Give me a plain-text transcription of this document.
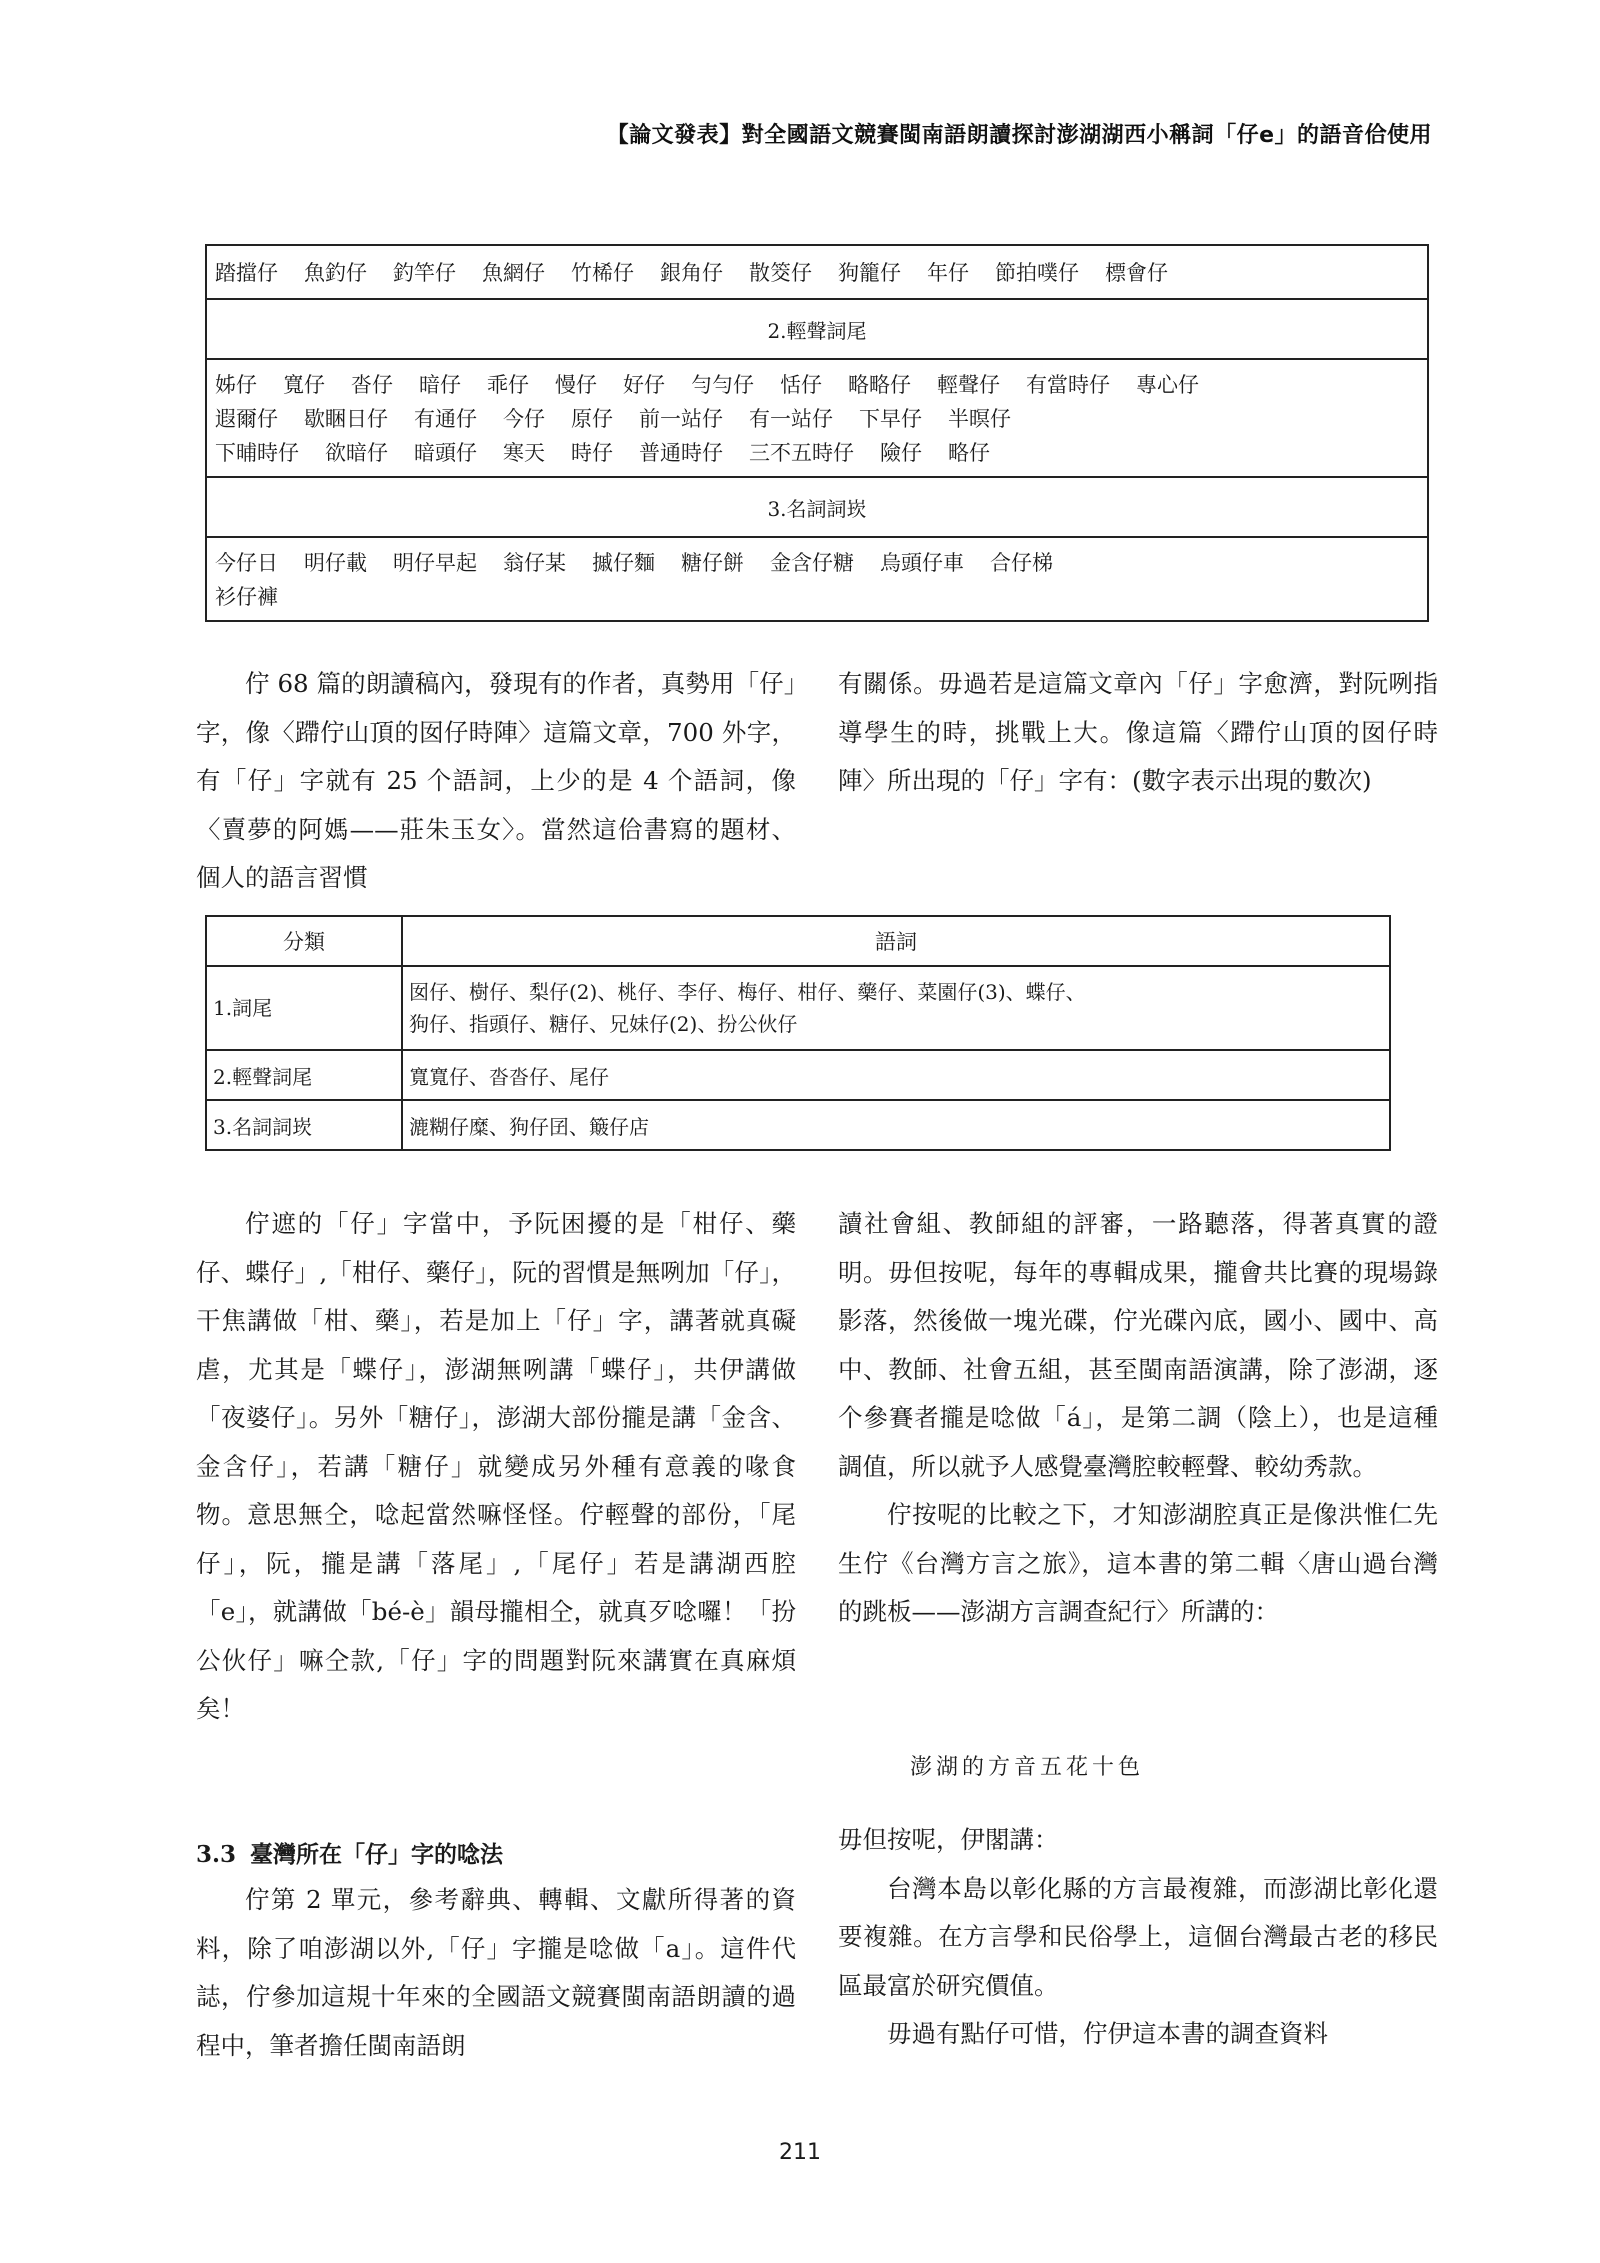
【論文發表】對全國語文競賽閩南語朗讀探討澎湖湖西小稱詞「仔e」的語音佮使用
踏擋仔 魚釣仔 釣竿仔 魚網仔 竹桸仔 銀角仔 散筊仔 狗籠仔 年仔 節拍噗仔 標會仔

2.輕聲詞尾

姊仔 寬仔 沓仔 暗仔 乖仔 慢仔 好仔 勻勻仔 恬仔 略略仔 輕聲仔 有當時仔 專心仔
遐爾仔 歇睏日仔 有通仔 今仔 原仔 前一站仔 有一站仔 下早仔 半暝仔
下晡時仔 欲暗仔 暗頭仔 寒天 時仔 普通時仔 三不五時仔 險仔 略仔

3.名詞詞崁

今仔日 明仔載 明仔早起 翁仔某 摵仔麵 糖仔餅 金含仔糖 烏頭仔車 合仔梯
衫仔褲

佇 68 篇的朗讀稿內，發現有的作者，真勢用「仔」字，像〈蹛佇山頂的囡仔時陣〉這篇文章，700 外字，有「仔」字就有 25 个語詞，上少的是 4 个語詞，像〈賣夢的阿媽——莊朱玉女〉。當然這佮書寫的題材、個人的語言習慣

有關係。毋過若是這篇文章內「仔」字愈濟，對阮咧指導學生的時，挑戰上大。像這篇〈蹛佇山頂的囡仔時陣〉所出現的「仔」字有：(數字表示出現的數次)

分類	語詞
1.詞尾	囡仔、樹仔、梨仔(2)、桃仔、李仔、梅仔、柑仔、藥仔、菜園仔(3)、蝶仔、
狗仔、指頭仔、糖仔、兄妹仔(2)、扮公伙仔

2.輕聲詞尾	寬寬仔、沓沓仔、尾仔
3.名詞詞崁	漉糊仔糜、狗仔囝、簸仔店

佇遮的「仔」字當中，予阮困擾的是「柑仔、藥仔、蝶仔」,「柑仔、藥仔」，阮的習慣是無咧加「仔」，干焦講做「柑、藥」，若是加上「仔」字，講著就真礙虐，尤其是「蝶仔」，澎湖無咧講「蝶仔」，共伊講做「夜婆仔」。另外「糖仔」，澎湖大部份攏是講「金含、金含仔」，若講「糖仔」就變成另外種有意義的喙食物。意思無仝，唸起當然嘛怪怪。佇輕聲的部份，「尾仔」，阮，攏是講「落尾」,「尾仔」若是講湖西腔「e」，就講做「bé-è」韻母攏相仝，就真歹唸囉！「扮公伙仔」嘛仝款,「仔」字的問題對阮來講實在真麻煩矣！

3.3 臺灣所在「仔」字的唸法

佇第 2 單元，參考辭典、轉輯、文獻所得著的資料，除了咱澎湖以外,「仔」字攏是唸做「a」。這件代誌，佇參加這規十年來的全國語文競賽閩南語朗讀的過程中，筆者擔任閩南語朗

讀社會組、教師組的評審，一路聽落，得著真實的證明。毋但按呢，每年的專輯成果，攏會共比賽的現場錄影落，然後做一塊光碟，佇光碟內底，國小、國中、高中、教師、社會五組，甚至閩南語演講，除了澎湖，逐个參賽者攏是唸做「á」，是第二調（陰上），也是這種調值，所以就予人感覺臺灣腔較輕聲、較幼秀款。

佇按呢的比較之下，才知澎湖腔真正是像洪惟仁先生佇《台灣方言之旅》，這本書的第二輯〈唐山過台灣的跳板——澎湖方言調查紀行〉所講的：

澎湖的方音五花十色

毋但按呢，伊閣講：

台灣本島以彰化縣的方言最複雜，而澎湖比彰化還要複雜。在方言學和民俗學上，這個台灣最古老的移民區最富於研究價值。

毋過有點仔可惜，佇伊這本書的調查資料

211
